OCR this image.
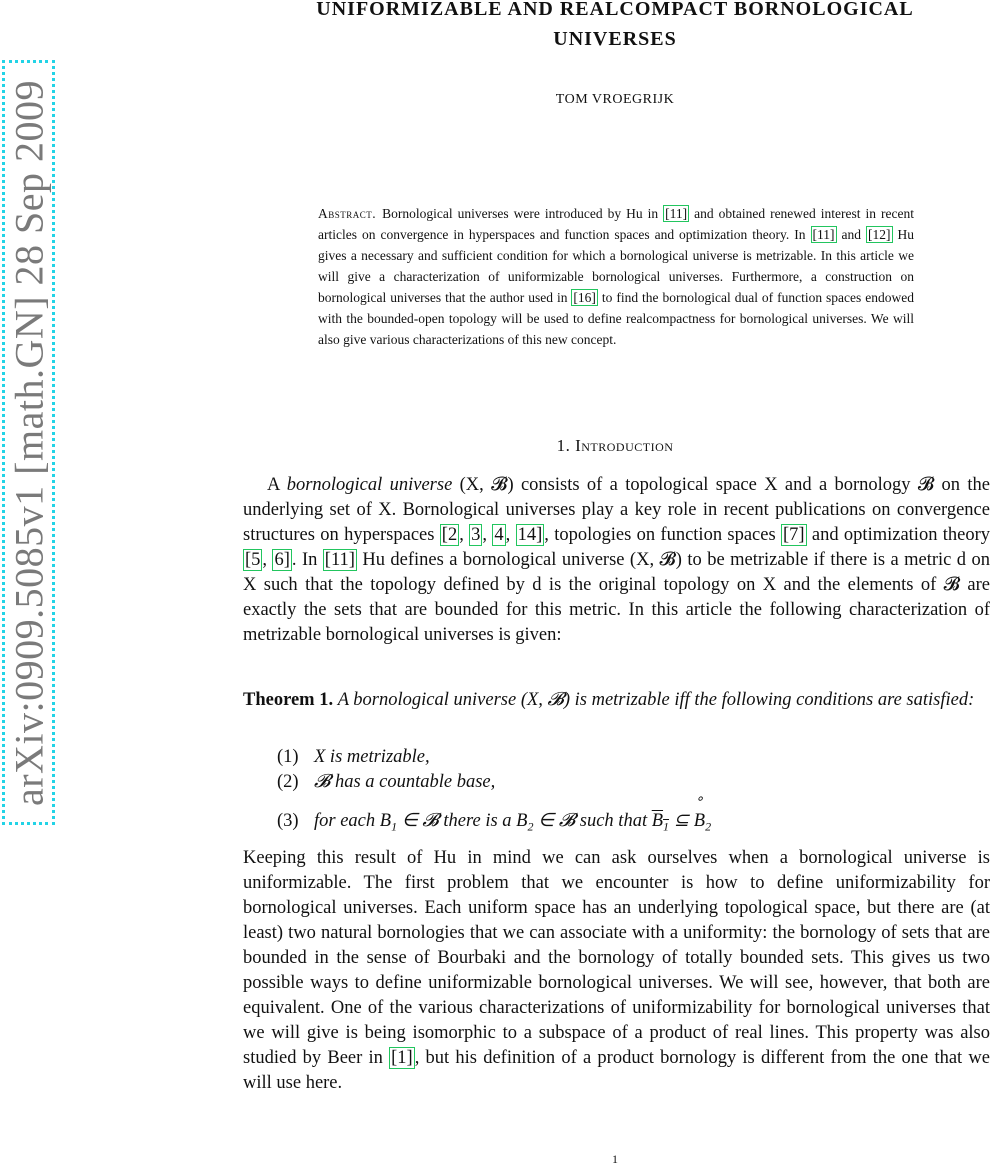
arXiv:0909.5085v1 [math.GN] 28 Sep 2009
UNIFORMIZABLE AND REALCOMPACT BORNOLOGICAL
UNIVERSES
TOM VROEGRIJK
Abstract. Bornological universes were introduced by Hu in [11] and obtained renewed interest in recent articles on convergence in hyperspaces and function spaces and optimization theory. In [11] and [12] Hu gives a necessary and sufficient condition for which a bornological universe is metrizable. In this article we will give a characterization of uniformizable bornological universes. Furthermore, a construction on bornological universes that the author used in [16] to find the bornological dual of function spaces endowed with the bounded-open topology will be used to define realcompactness for bornological universes. We will also give various characterizations of this new concept.
1. Introduction
A bornological universe (X, 𝓑) consists of a topological space X and a bornology 𝓑 on the underlying set of X. Bornological universes play a key role in recent publications on convergence structures on hyperspaces [2 , 3 , 4 , 14] , topologies on function spaces [7] and optimization theory [5 , 6] . In [11] Hu defines a bornological universe (X, 𝓑) to be metrizable if there is a metric d on X such that the topology defined by d is the original topology on X and the elements of 𝓑 are exactly the sets that are bounded for this metric. In this article the following characterization of metrizable bornological universes is given:
Theorem 1. A bornological universe (X, 𝓑) is metrizable iff the following conditions are satisfied:
(1) X is metrizable,
(2) 𝓑 has a countable base,
(3) for each $B_1$ ∈ 𝓑 there is a $B_2$ ∈ 𝓑 such that $B_1$ ⊆ ∘ $B_2$
Keeping this result of Hu in mind we can ask ourselves when a bornological universe is uniformizable. The first problem that we encounter is how to define uniformizability for bornological universes. Each uniform space has an underlying topological space, but there are (at least) two natural bornologies that we can associate with a uniformity: the bornology of sets that are bounded in the sense of Bourbaki and the bornology of totally bounded sets. This gives us two possible ways to define uniformizable bornological universes. We will see, however, that both are equivalent. One of the various characterizations of uniformizability for bornological universes that we will give is being isomorphic to a subspace of a product of real lines. This property was also studied by Beer in [1] , but his definition of a product bornology is different from the one that we will use here.
1
